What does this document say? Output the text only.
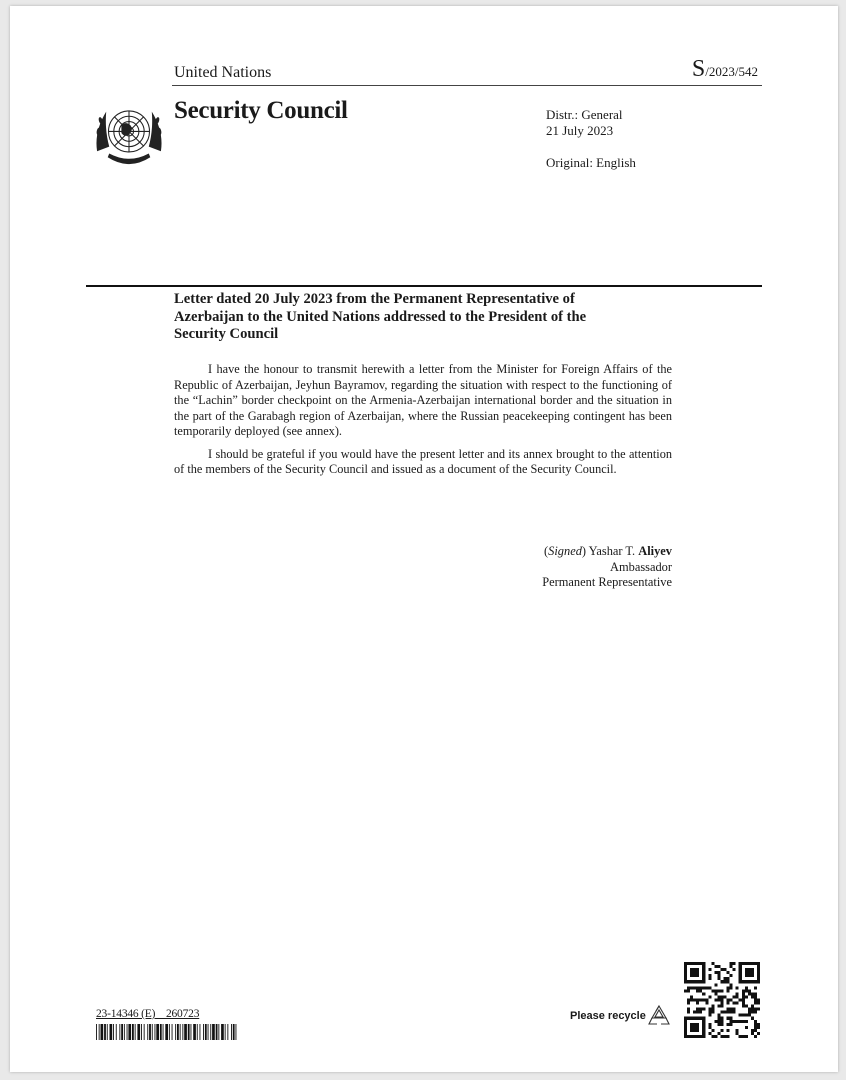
United Nations	S/2023/542
Security Council	Distr.: General
21 July 2023
Original: English
Letter dated 20 July 2023 from the Permanent Representative of
Azerbaijan to the United Nations addressed to the President of the
Security Council

I have the honour to transmit herewith a letter from the Minister for Foreign Affairs of the Republic of Azerbaijan, Jeyhun Bayramov, regarding the situation with respect to the functioning of the “Lachin” border checkpoint on the Armenia-Azerbaijan international border and the situation in the part of the Garabagh region of Azerbaijan, where the Russian peacekeeping contingent has been temporarily deployed (see annex).

I should be grateful if you would have the present letter and its annex brought to the attention of the members of the Security Council and issued as a document of the Security Council.

(Signed) Yashar T. Aliyev
Ambassador
Permanent Representative
23-14346 (E)    260723	Please recycle
